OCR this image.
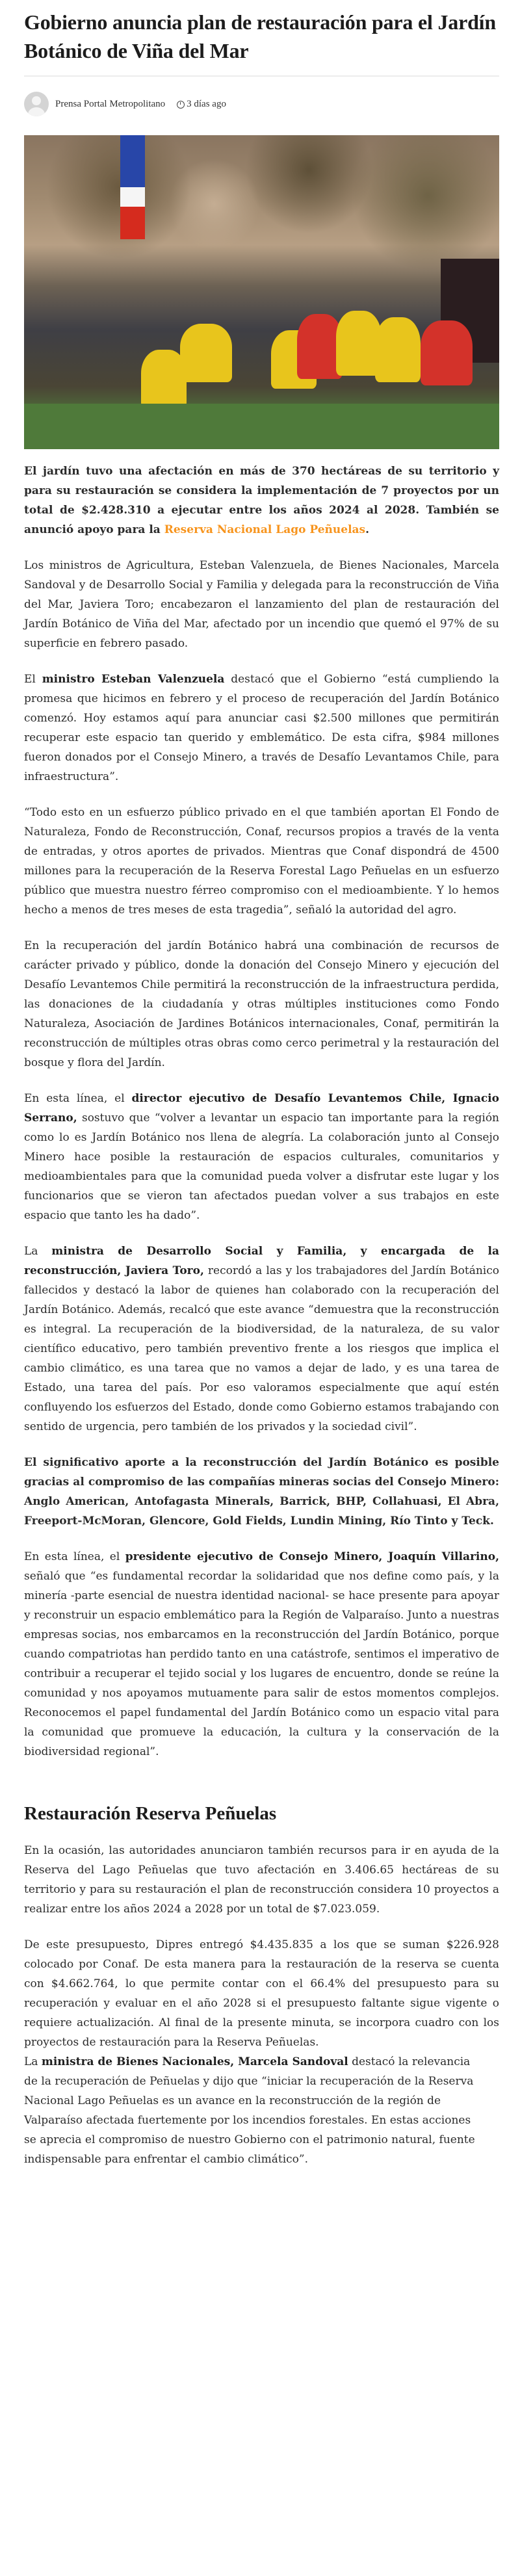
Gobierno anuncia plan de restauración para el Jardín Botánico de Viña del Mar
Prensa Portal Metropolitano 3 días ago

El jardín tuvo una afectación en más de 370 hectáreas de su territorio y para su restauración se considera la implementación de 7 proyectos por un total de $2.428.310 a ejecutar entre los años 2024 al 2028. También se anunció apoyo para la Reserva Nacional Lago Peñuelas.

Los ministros de Agricultura, Esteban Valenzuela, de Bienes Nacionales, Marcela Sandoval y de Desarrollo Social y Familia y delegada para la reconstrucción de Viña del Mar, Javiera Toro; encabezaron el lanzamiento del plan de restauración del Jardín Botánico de Viña del Mar, afectado por un incendio que quemó el 97% de su superficie en febrero pasado.

El ministro Esteban Valenzuela destacó que el Gobierno “está cumpliendo la promesa que hicimos en febrero y el proceso de recuperación del Jardín Botánico comenzó. Hoy estamos aquí para anunciar casi $2.500 millones que permitirán recuperar este espacio tan querido y emblemático. De esta cifra, $984 millones fueron donados por el Consejo Minero, a través de Desafío Levantamos Chile, para infraestructura”.

“Todo esto en un esfuerzo público privado en el que también aportan El Fondo de Naturaleza, Fondo de Reconstrucción, Conaf, recursos propios a través de la venta de entradas, y otros aportes de privados. Mientras que Conaf dispondrá de 4500 millones para la recuperación de la Reserva Forestal Lago Peñuelas en un esfuerzo público que muestra nuestro férreo compromiso con el medioambiente. Y lo hemos hecho a menos de tres meses de esta tragedia”, señaló la autoridad del agro.

En la recuperación del jardín Botánico habrá una combinación de recursos de carácter privado y público, donde la donación del Consejo Minero y ejecución del Desafío Levantemos Chile permitirá la reconstrucción de la infraestructura perdida, las donaciones de la ciudadanía y otras múltiples instituciones como Fondo Naturaleza, Asociación de Jardines Botánicos internacionales, Conaf, permitirán la reconstrucción de múltiples otras obras como cerco perimetral y la restauración del bosque y flora del Jardín.

En esta línea, el director ejecutivo de Desafío Levantemos Chile, Ignacio Serrano, sostuvo que “volver a levantar un espacio tan importante para la región como lo es Jardín Botánico nos llena de alegría. La colaboración junto al Consejo Minero hace posible la restauración de espacios culturales, comunitarios y medioambientales para que la comunidad pueda volver a disfrutar este lugar y los funcionarios que se vieron tan afectados puedan volver a sus trabajos en este espacio que tanto les ha dado”.

La ministra de Desarrollo Social y Familia, y encargada de la reconstrucción, Javiera Toro, recordó a las y los trabajadores del Jardín Botánico fallecidos y destacó la labor de quienes han colaborado con la recuperación del Jardín Botánico. Además, recalcó que este avance “demuestra que la reconstrucción es integral. La recuperación de la biodiversidad, de la naturaleza, de su valor científico educativo, pero también preventivo frente a los riesgos que implica el cambio climático, es una tarea que no vamos a dejar de lado, y es una tarea de Estado, una tarea del país. Por eso valoramos especialmente que aquí estén confluyendo los esfuerzos del Estado, donde como Gobierno estamos trabajando con sentido de urgencia, pero también de los privados y la sociedad civil”.

El significativo aporte a la reconstrucción del Jardín Botánico es posible gracias al compromiso de las compañías mineras socias del Consejo Minero: Anglo American, Antofagasta Minerals, Barrick, BHP, Collahuasi, El Abra, Freeport-McMoran, Glencore, Gold Fields, Lundin Mining, Río Tinto y Teck.

En esta línea, el presidente ejecutivo de Consejo Minero, Joaquín Villarino, señaló que “es fundamental recordar la solidaridad que nos define como país, y la minería -parte esencial de nuestra identidad nacional- se hace presente para apoyar y reconstruir un espacio emblemático para la Región de Valparaíso. Junto a nuestras empresas socias, nos embarcamos en la reconstrucción del Jardín Botánico, porque cuando compatriotas han perdido tanto en una catástrofe, sentimos el imperativo de contribuir a recuperar el tejido social y los lugares de encuentro, donde se reúne la comunidad y nos apoyamos mutuamente para salir de estos momentos complejos. Reconocemos el papel fundamental del Jardín Botánico como un espacio vital para la comunidad que promueve la educación, la cultura y la conservación de la biodiversidad regional”.

Restauración Reserva Peñuelas

En la ocasión, las autoridades anunciaron también recursos para ir en ayuda de la Reserva del Lago Peñuelas que tuvo afectación en 3.406.65 hectáreas de su territorio y para su restauración el plan de reconstrucción considera 10 proyectos a realizar entre los años 2024 a 2028 por un total de $7.023.059.

De este presupuesto, Dipres entregó $4.435.835 a los que se suman $226.928 colocado por Conaf. De esta manera para la restauración de la reserva se cuenta con $4.662.764, lo que permite contar con el 66.4% del presupuesto para su recuperación y evaluar en el año 2028 si el presupuesto faltante sigue vigente o requiere actualización. Al final de la presente minuta, se incorpora cuadro con los proyectos de restauración para la Reserva Peñuelas.

La ministra de Bienes Nacionales, Marcela Sandoval destacó la relevancia de la recuperación de Peñuelas y dijo que “iniciar la recuperación de la Reserva Nacional Lago Peñuelas es un avance en la reconstrucción de la región de Valparaíso afectada fuertemente por los incendios forestales. En estas acciones se aprecia el compromiso de nuestro Gobierno con el patrimonio natural, fuente indispensable para enfrentar el cambio climático”.
